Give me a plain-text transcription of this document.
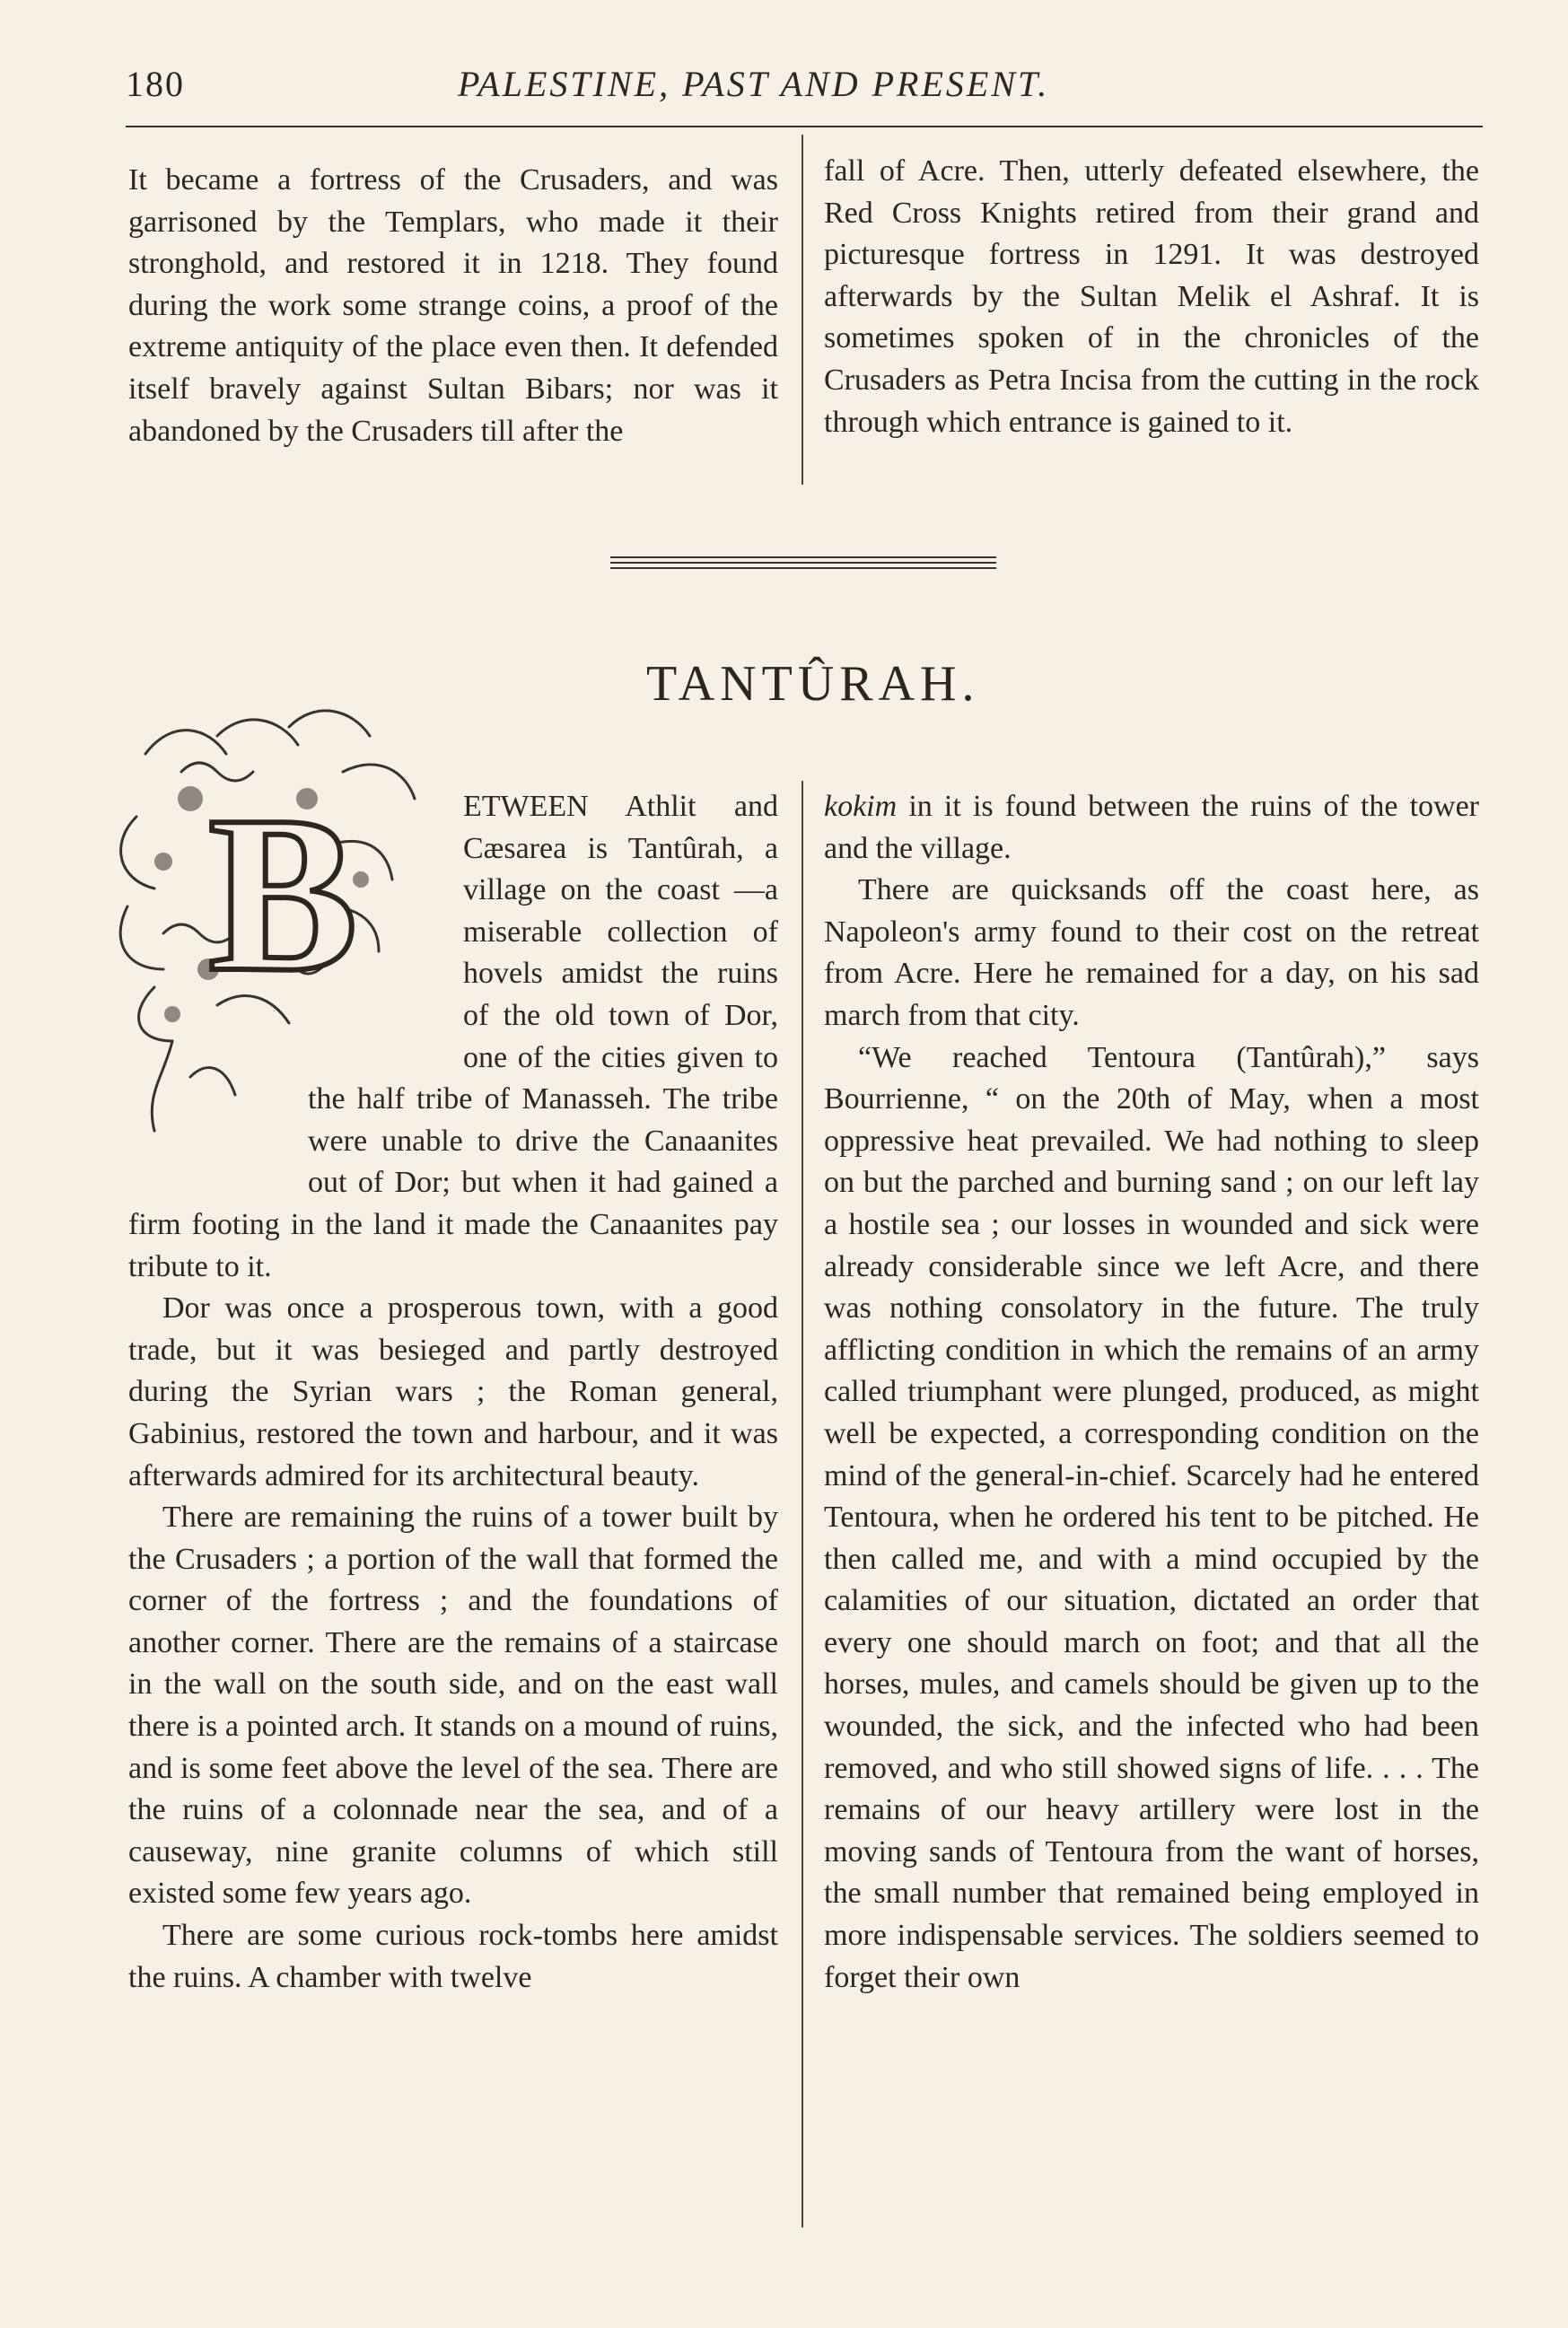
180	PALESTINE, PAST AND PRESENT.

It became a fortress of the Crusaders, and was garrisoned by the Templars, who made it their stronghold, and restored it in 1218. They found during the work some strange coins, a proof of the extreme antiquity of the place even then. It defended itself bravely against Sultan Bibars; nor was it abandoned by the Crusaders till after the

fall of Acre. Then, utterly defeated elsewhere, the Red Cross Knights retired from their grand and picturesque fortress in 1291. It was destroyed afterwards by the Sultan Melik el Ashraf. It is sometimes spoken of in the chronicles of the Crusaders as Petra Incisa from the cutting in the rock through which entrance is gained to it.

TANTÛRAH.
B	ETWEEN Athlit and Cæsarea is Tantûrah, a village on the coast —a miserable collection of hovels amidst the ruins of the old town of Dor, one of the cities given to the half tribe of Manasseh. The tribe were unable to drive the Canaanites out of Dor; but when it had gained a firm footing in the land it made the Canaanites pay tribute to it.

Dor was once a prosperous town, with a good trade, but it was besieged and partly destroyed during the Syrian wars ; the Roman general, Gabinius, restored the town and harbour, and it was afterwards admired for its architectural beauty.

There are remaining the ruins of a tower built by the Crusaders ; a portion of the wall that formed the corner of the fortress ; and the foundations of another corner. There are the remains of a staircase in the wall on the south side, and on the east wall there is a pointed arch. It stands on a mound of ruins, and is some feet above the level of the sea. There are the ruins of a colonnade near the sea, and of a causeway, nine granite columns of which still existed some few years ago.

There are some curious rock-tombs here amidst the ruins. A chamber with twelve

kokim in it is found between the ruins of the tower and the village.

There are quicksands off the coast here, as Napoleon's army found to their cost on the retreat from Acre. Here he remained for a day, on his sad march from that city.

“We reached Tentoura (Tantûrah),” says Bourrienne, “ on the 20th of May, when a most oppressive heat prevailed. We had nothing to sleep on but the parched and burning sand ; on our left lay a hostile sea ; our losses in wounded and sick were already considerable since we left Acre, and there was nothing consolatory in the future. The truly afflicting condition in which the remains of an army called triumphant were plunged, produced, as might well be expected, a corresponding condition on the mind of the general-in-chief. Scarcely had he entered Tentoura, when he ordered his tent to be pitched. He then called me, and with a mind occupied by the calamities of our situation, dictated an order that every one should march on foot; and that all the horses, mules, and camels should be given up to the wounded, the sick, and the infected who had been removed, and who still showed signs of life. . . . The remains of our heavy artillery were lost in the moving sands of Tentoura from the want of horses, the small number that remained being employed in more indispensable services. The soldiers seemed to forget their own
